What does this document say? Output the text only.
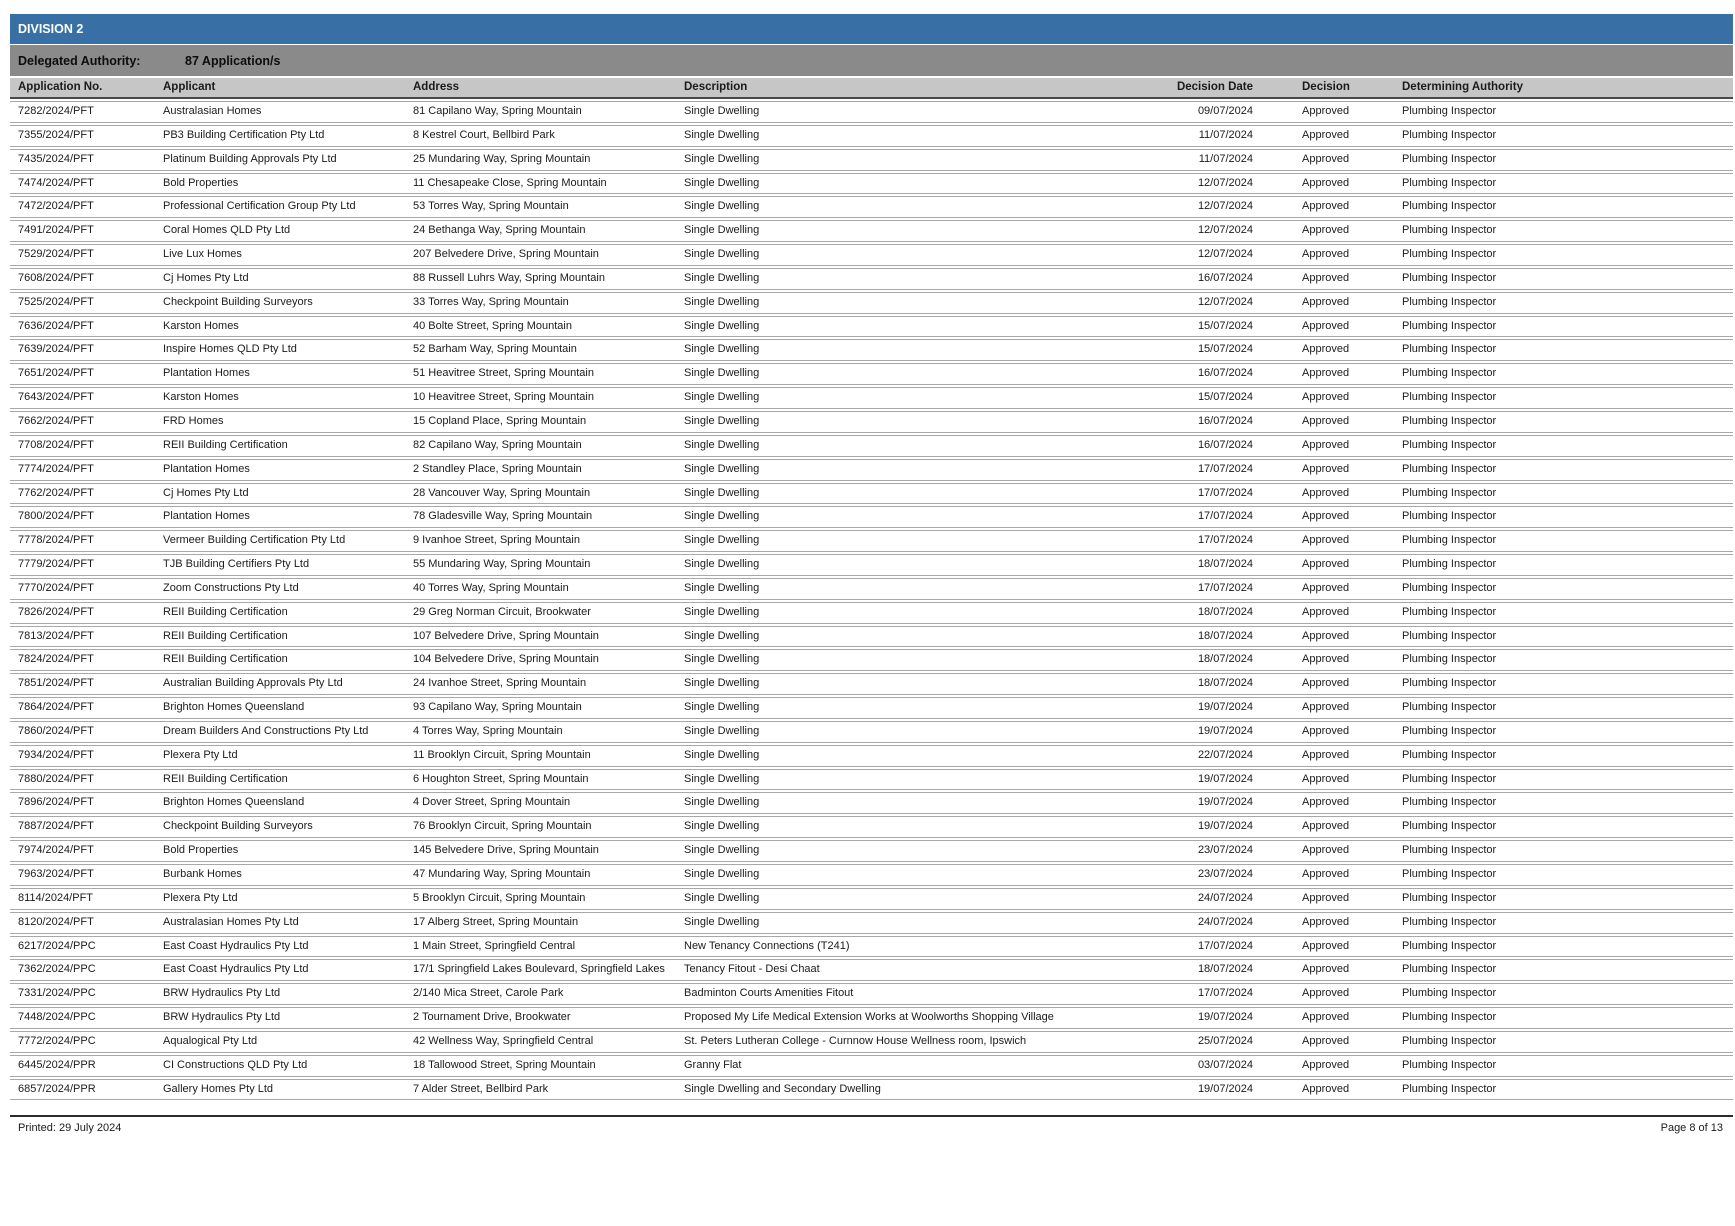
DIVISION 2
Delegated Authority:	87 Application/s
Application No.	Applicant	Address	Description	Decision Date	Decision	Determining Authority
7282/2024/PFT	Australasian Homes	81 Capilano Way, Spring Mountain	Single Dwelling	09/07/2024	Approved	Plumbing Inspector
7355/2024/PFT	PB3 Building Certification Pty Ltd	8 Kestrel Court, Bellbird Park	Single Dwelling	11/07/2024	Approved	Plumbing Inspector
7435/2024/PFT	Platinum Building Approvals Pty Ltd	25 Mundaring Way, Spring Mountain	Single Dwelling	11/07/2024	Approved	Plumbing Inspector
7474/2024/PFT	Bold Properties	11 Chesapeake Close, Spring Mountain	Single Dwelling	12/07/2024	Approved	Plumbing Inspector
7472/2024/PFT	Professional Certification Group Pty Ltd	53 Torres Way, Spring Mountain	Single Dwelling	12/07/2024	Approved	Plumbing Inspector
7491/2024/PFT	Coral Homes QLD Pty Ltd	24 Bethanga Way, Spring Mountain	Single Dwelling	12/07/2024	Approved	Plumbing Inspector
7529/2024/PFT	Live Lux Homes	207 Belvedere Drive, Spring Mountain	Single Dwelling	12/07/2024	Approved	Plumbing Inspector
7608/2024/PFT	Cj Homes Pty Ltd	88 Russell Luhrs Way, Spring Mountain	Single Dwelling	16/07/2024	Approved	Plumbing Inspector
7525/2024/PFT	Checkpoint Building Surveyors	33 Torres Way, Spring Mountain	Single Dwelling	12/07/2024	Approved	Plumbing Inspector
7636/2024/PFT	Karston Homes	40 Bolte Street, Spring Mountain	Single Dwelling	15/07/2024	Approved	Plumbing Inspector
7639/2024/PFT	Inspire Homes QLD Pty Ltd	52 Barham Way, Spring Mountain	Single Dwelling	15/07/2024	Approved	Plumbing Inspector
7651/2024/PFT	Plantation Homes	51 Heavitree Street, Spring Mountain	Single Dwelling	16/07/2024	Approved	Plumbing Inspector
7643/2024/PFT	Karston Homes	10 Heavitree Street, Spring Mountain	Single Dwelling	15/07/2024	Approved	Plumbing Inspector
7662/2024/PFT	FRD Homes	15 Copland Place, Spring Mountain	Single Dwelling	16/07/2024	Approved	Plumbing Inspector
7708/2024/PFT	REII Building Certification	82 Capilano Way, Spring Mountain	Single Dwelling	16/07/2024	Approved	Plumbing Inspector
7774/2024/PFT	Plantation Homes	2 Standley Place, Spring Mountain	Single Dwelling	17/07/2024	Approved	Plumbing Inspector
7762/2024/PFT	Cj Homes Pty Ltd	28 Vancouver Way, Spring Mountain	Single Dwelling	17/07/2024	Approved	Plumbing Inspector
7800/2024/PFT	Plantation Homes	78 Gladesville Way, Spring Mountain	Single Dwelling	17/07/2024	Approved	Plumbing Inspector
7778/2024/PFT	Vermeer Building Certification Pty Ltd	9 Ivanhoe Street, Spring Mountain	Single Dwelling	17/07/2024	Approved	Plumbing Inspector
7779/2024/PFT	TJB Building Certifiers Pty Ltd	55 Mundaring Way, Spring Mountain	Single Dwelling	18/07/2024	Approved	Plumbing Inspector
7770/2024/PFT	Zoom Constructions Pty Ltd	40 Torres Way, Spring Mountain	Single Dwelling	17/07/2024	Approved	Plumbing Inspector
7826/2024/PFT	REII Building Certification	29 Greg Norman Circuit, Brookwater	Single Dwelling	18/07/2024	Approved	Plumbing Inspector
7813/2024/PFT	REII Building Certification	107 Belvedere Drive, Spring Mountain	Single Dwelling	18/07/2024	Approved	Plumbing Inspector
7824/2024/PFT	REII Building Certification	104 Belvedere Drive, Spring Mountain	Single Dwelling	18/07/2024	Approved	Plumbing Inspector
7851/2024/PFT	Australian Building Approvals Pty Ltd	24 Ivanhoe Street, Spring Mountain	Single Dwelling	18/07/2024	Approved	Plumbing Inspector
7864/2024/PFT	Brighton Homes Queensland	93 Capilano Way, Spring Mountain	Single Dwelling	19/07/2024	Approved	Plumbing Inspector
7860/2024/PFT	Dream Builders And Constructions Pty Ltd	4 Torres Way, Spring Mountain	Single Dwelling	19/07/2024	Approved	Plumbing Inspector
7934/2024/PFT	Plexera Pty Ltd	11 Brooklyn Circuit, Spring Mountain	Single Dwelling	22/07/2024	Approved	Plumbing Inspector
7880/2024/PFT	REII Building Certification	6 Houghton Street, Spring Mountain	Single Dwelling	19/07/2024	Approved	Plumbing Inspector
7896/2024/PFT	Brighton Homes Queensland	4 Dover Street, Spring Mountain	Single Dwelling	19/07/2024	Approved	Plumbing Inspector
7887/2024/PFT	Checkpoint Building Surveyors	76 Brooklyn Circuit, Spring Mountain	Single Dwelling	19/07/2024	Approved	Plumbing Inspector
7974/2024/PFT	Bold Properties	145 Belvedere Drive, Spring Mountain	Single Dwelling	23/07/2024	Approved	Plumbing Inspector
7963/2024/PFT	Burbank Homes	47 Mundaring Way, Spring Mountain	Single Dwelling	23/07/2024	Approved	Plumbing Inspector
8114/2024/PFT	Plexera Pty Ltd	5 Brooklyn Circuit, Spring Mountain	Single Dwelling	24/07/2024	Approved	Plumbing Inspector
8120/2024/PFT	Australasian Homes Pty Ltd	17 Alberg Street, Spring Mountain	Single Dwelling	24/07/2024	Approved	Plumbing Inspector
6217/2024/PPC	East Coast Hydraulics Pty Ltd	1 Main Street, Springfield Central	New Tenancy Connections (T241)	17/07/2024	Approved	Plumbing Inspector
7362/2024/PPC	East Coast Hydraulics Pty Ltd	17/1 Springfield Lakes Boulevard, Springfield Lakes	Tenancy Fitout - Desi Chaat	18/07/2024	Approved	Plumbing Inspector
7331/2024/PPC	BRW Hydraulics Pty Ltd	2/140 Mica Street, Carole Park	Badminton Courts Amenities Fitout	17/07/2024	Approved	Plumbing Inspector
7448/2024/PPC	BRW Hydraulics Pty Ltd	2 Tournament Drive, Brookwater	Proposed My Life Medical Extension Works at Woolworths Shopping Village	19/07/2024	Approved	Plumbing Inspector
7772/2024/PPC	Aqualogical Pty Ltd	42 Wellness Way, Springfield Central	St. Peters Lutheran College - Curnnow House Wellness room, Ipswich	25/07/2024	Approved	Plumbing Inspector
6445/2024/PPR	CI Constructions QLD Pty Ltd	18 Tallowood Street, Spring Mountain	Granny Flat	03/07/2024	Approved	Plumbing Inspector
6857/2024/PPR	Gallery Homes Pty Ltd	7 Alder Street, Bellbird Park	Single Dwelling and Secondary Dwelling	19/07/2024	Approved	Plumbing Inspector
Printed: 29 July 2024	Page 8 of 13
